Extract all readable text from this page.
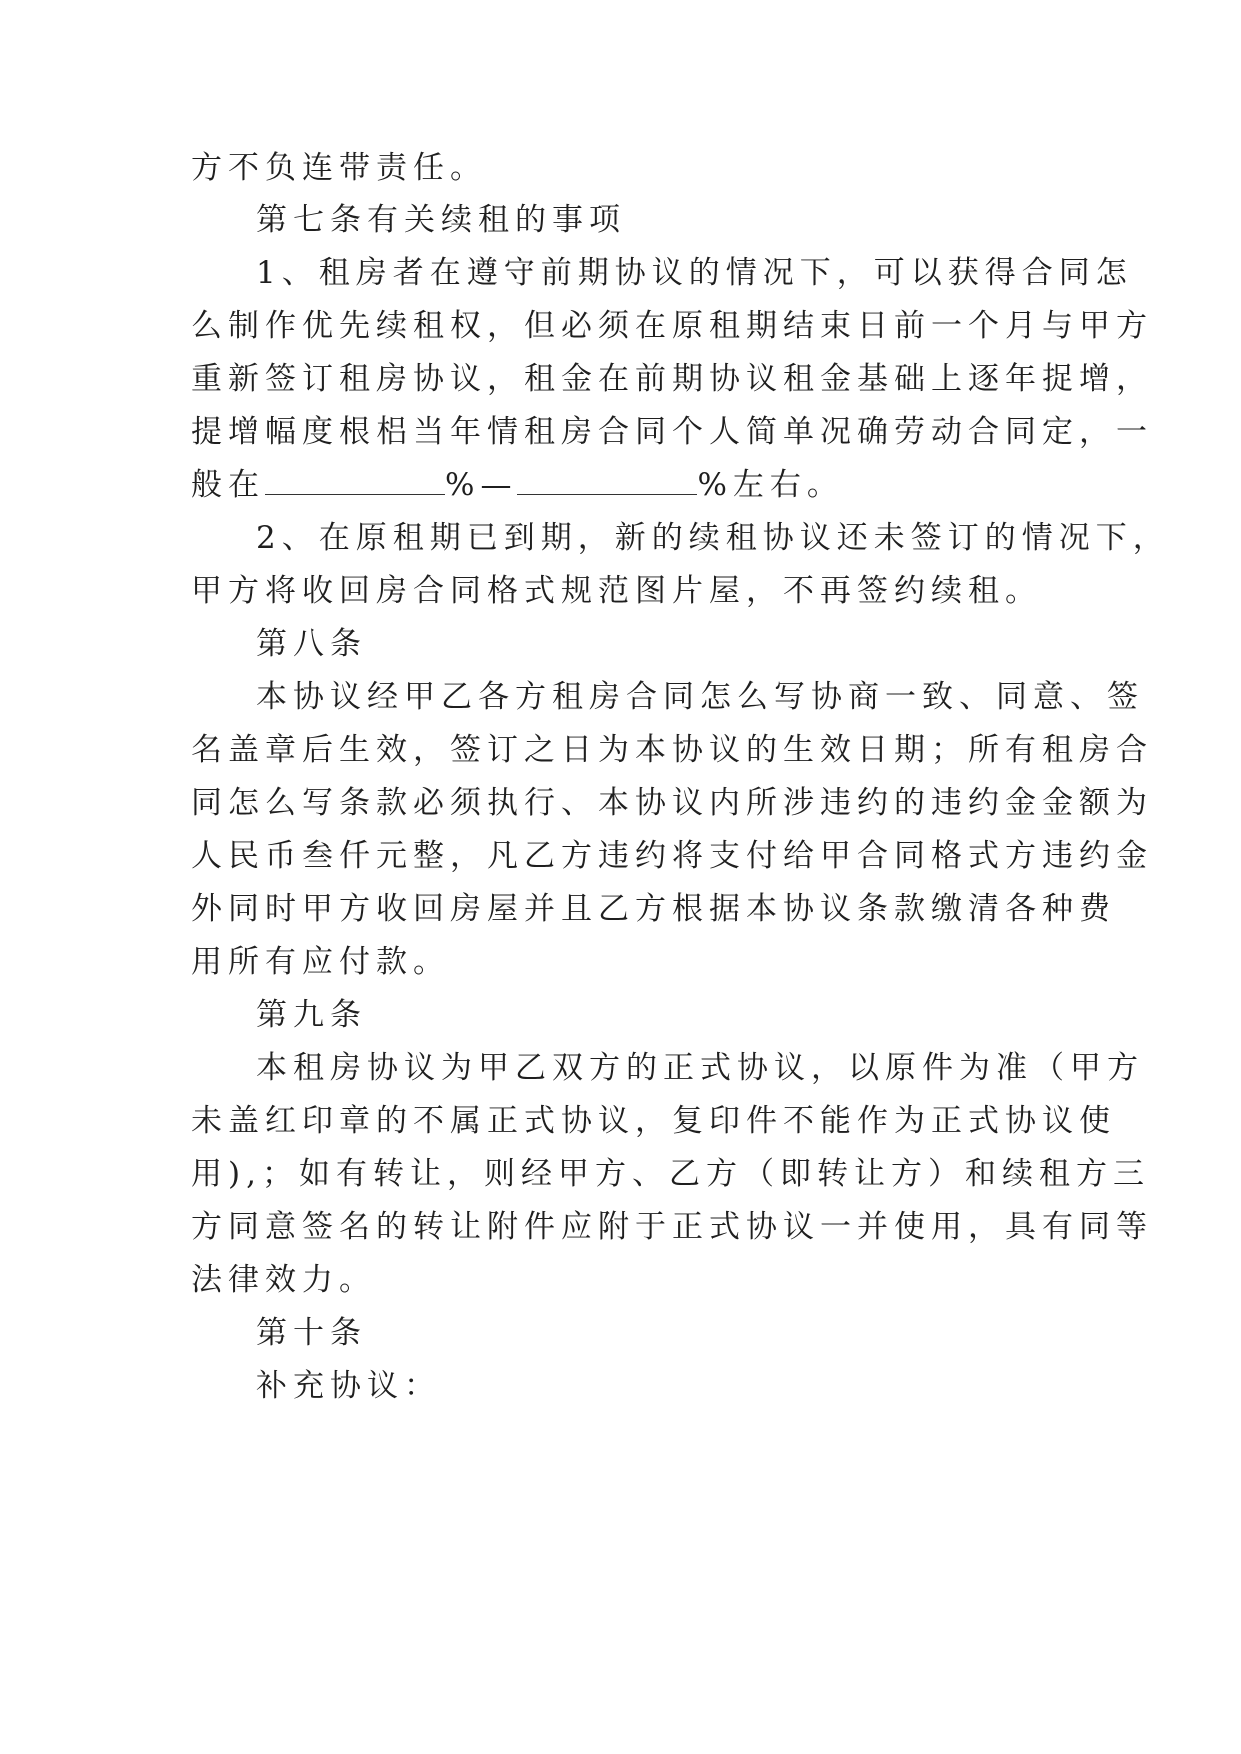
方不负连带责任。
第七条有关续租的事项
1、租房者在遵守前期协议的情况下，可以获得合同怎
么制作优先续租权，但必须在原租期结束日前一个月与甲方
重新签订租房协议，租金在前期协议租金基础上逐年捉增，
提增幅度根梠当年情租房合同个人简单况确劳动合同定，一
般在	%—	%左右。
2、在原租期已到期，新的续租协议还未签订的情况下，
甲方将收回房合同格式规范图片屋，不再签约续租。
第八条
本协议经甲乙各方租房合同怎么写协商一致、同意、签
名盖章后生效，签订之日为本协议的生效日期；所有租房合
同怎么写条款必须执行、本协议内所涉违约的违约金金额为
人民币叁仟元整，凡乙方违约将支付给甲合同格式方违约金
外同时甲方收回房屋并且乙方根据本协议条款缴清各种费
用所有应付款。
第九条
本租房协议为甲乙双方的正式协议，以原件为准（甲方
未盖红印章的不属正式协议，复印件不能作为正式协议使
用),；如有转让，则经甲方、乙方（即转让方）和续租方三
方同意签名的转让附件应附于正式协议一并使用，具有同等
法律效力。
第十条
补充协议：
